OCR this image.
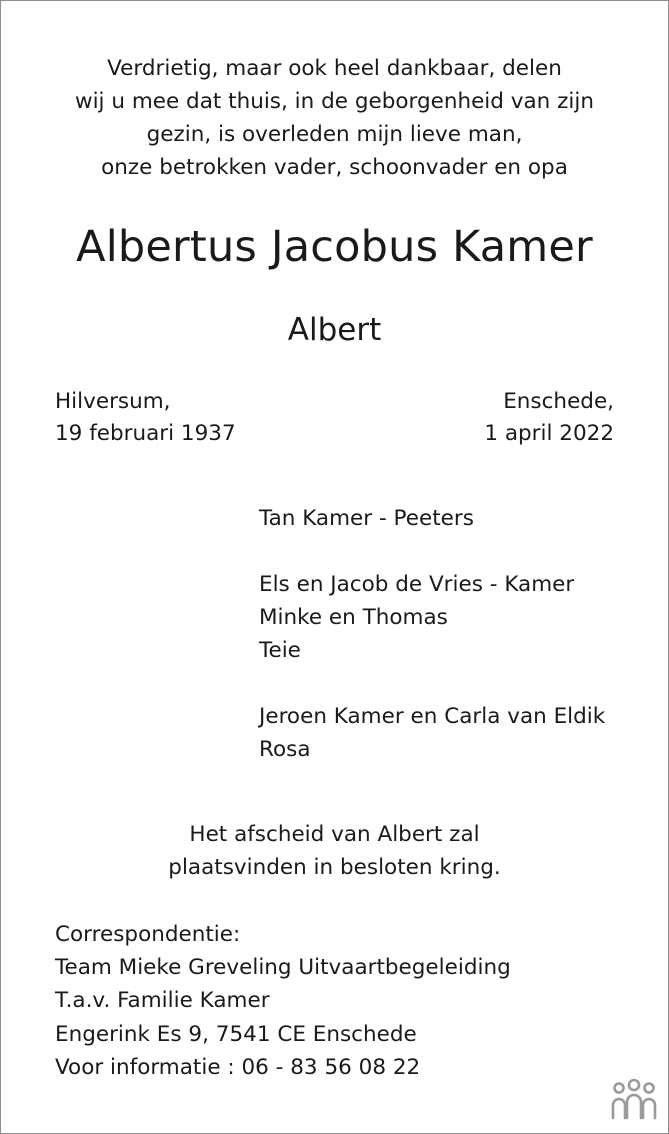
Verdrietig, maar ook heel dankbaar, delen
wij u mee dat thuis, in de geborgenheid van zijn
gezin, is overleden mijn lieve man,
onze betrokken vader, schoonvader en opa
Albertus Jacobus Kamer
Albert
Hilversum,
19 februari 1937
Enschede,
1 april 2022
Tan Kamer - Peeters
Els en Jacob de Vries - Kamer
Minke en Thomas
Teie
Jeroen Kamer en Carla van Eldik
Rosa
Het afscheid van Albert zal
plaatsvinden in besloten kring.
Correspondentie:
Team Mieke Greveling Uitvaartbegeleiding
T.a.v. Familie Kamer
Engerink Es 9, 7541 CE Enschede
Voor informatie : 06 - 83 56 08 22
